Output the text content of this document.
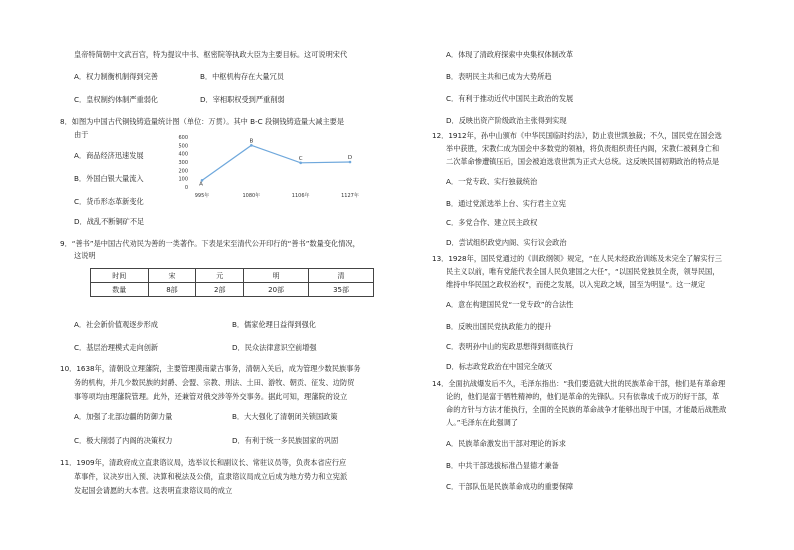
皇帝特简朝中文武百官，特为提议中书、枢密院等执政大臣为主要目标。这可说明宋代
A．权力制衡机制得到完善	B．中枢机构存在大量冗员
C．皇权制约体制严重弱化	D．宰相职权受到严重削弱
8．如图为中国古代铜钱铸造量统计图（单位：万贯）。其中 B-C 段铜钱铸造量大减主要是
由于
A．商品经济迅速发展
B．外国白银大量流入
C．货币形态革新变化
D．战乱不断铜矿不足
0
100
200
300
400
500
600
995年	1080年	1106年	1127年
A
B
C	D
9．“善书”是中国古代劝民为善的一类著作。下表是宋至清代公开印行的“善书”数量变化情况，
这说明
时间	宋	元	明	清
数量	8部	2部	20部	35部
A．社会新价值观逐步形成	B．儒家伦理日益得到强化
C．基层治理模式走向创新	D．民众法律意识空前增强
10．1638年，清朝设立理藩院，主要管理漠南蒙古事务，清朝入关后，成为管理少数民族事务
务的机构，并几少数民族的封爵、会盟、宗教、刑法、土田、游牧、朝贡、征发、边防贸
事等项均由理藩院管理。此外，还兼管对俄交涉等外交事务。据此可知，理藩院的设立
A．加强了北部边疆的防御力量	B．大大强化了清朝闭关锁国政策
C．极大削弱了内阁的决策权力	D．有利于统一多民族国家的巩固
11．1909年，清政府成立直隶谘议局，选举议长和副议长、常驻议员等，负责本省应行应
革事件，议决岁出入预、决算和税法及公债，直隶谘议局成立后成为地方势力和立宪派
发起国会请愿的大本营。这表明直隶谘议局的成立
A．体现了清政府探索中央集权体制改革
B．表明民主共和已成为大势所趋
C．有利于推动近代中国民主政治的发展
D．反映出资产阶级政治主张得到实现
12．1912年，孙中山颁布《中华民国临时约法》，防止袁世凯独裁；不久，国民党在国会选
举中获胜，宋教仁成为国会中多数党的领袖，将负责组织责任内阁，宋教仁被刺身亡和
二次革命惨遭镇压后，国会被迫选袁世凯为正式大总统。这反映民国初期政治的特点是
A．一党专政、实行独裁统治
B．通过党派选举上台、实行君主立宪
C．多党合作、建立民主政权
D．尝试组织政党内阁、实行议会政治
13．1928年，国民党通过的《训政纲领》规定，“在人民未经政治训练及未完全了解实行三
民主义以前，唯有党能代表全国人民负建国之大任”，“以国民党独员全责，领导民国，
维持中华民国之政权治权”，而使之发展，以入宪政之域，国至为明显”。这一规定
A．意在构建国民党“一党专政”的合法性
B．反映出国民党执政能力的提升
C．表明孙中山的宪政思想得到彻底执行
D．标志政党政治在中国完全破灭
14．全面抗战爆发后不久，毛泽东指出：“我们要造就大批的民族革命干部，他们是有革命理
论的，他们是富于牺牲精神的，他们是革命的先锋队。只有依靠成千成万的好干部，革
命的方针与方法才能执行，全面的全民族的革命战争才能够出现于中国，才能最后战胜敌
人。”毛泽东在此强调了
A．民族革命激发出干部对理论的诉求
B．中共干部选拔标准凸显德才兼备
C．干部队伍是民族革命成功的重要保障
